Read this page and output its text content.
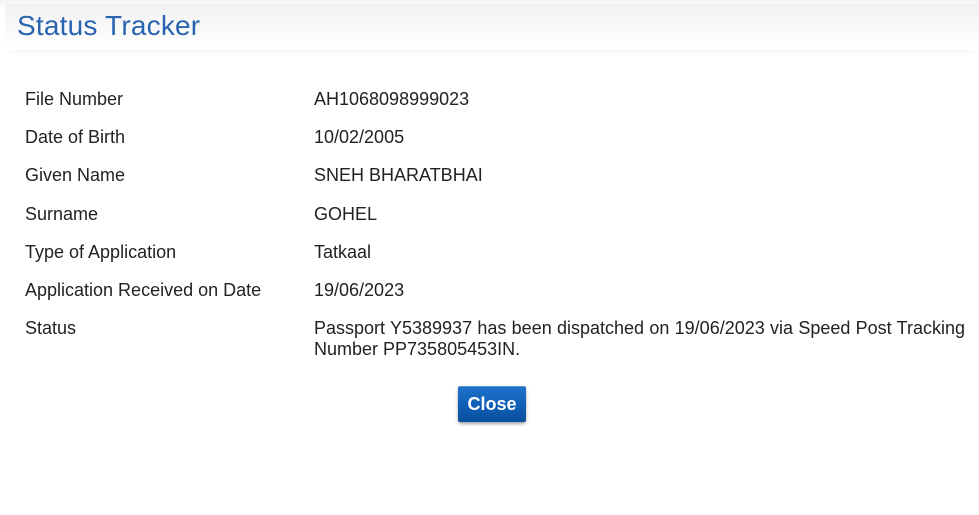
Status Tracker
File Number	AH1068098999023
Date of Birth	10/02/2005
Given Name	SNEH BHARATBHAI
Surname	GOHEL
Type of Application	Tatkaal
Application Received on Date	19/06/2023
Status	Passport Y5389937 has been dispatched on 19/06/2023 via Speed Post Tracking Number PP735805453IN.
Close
